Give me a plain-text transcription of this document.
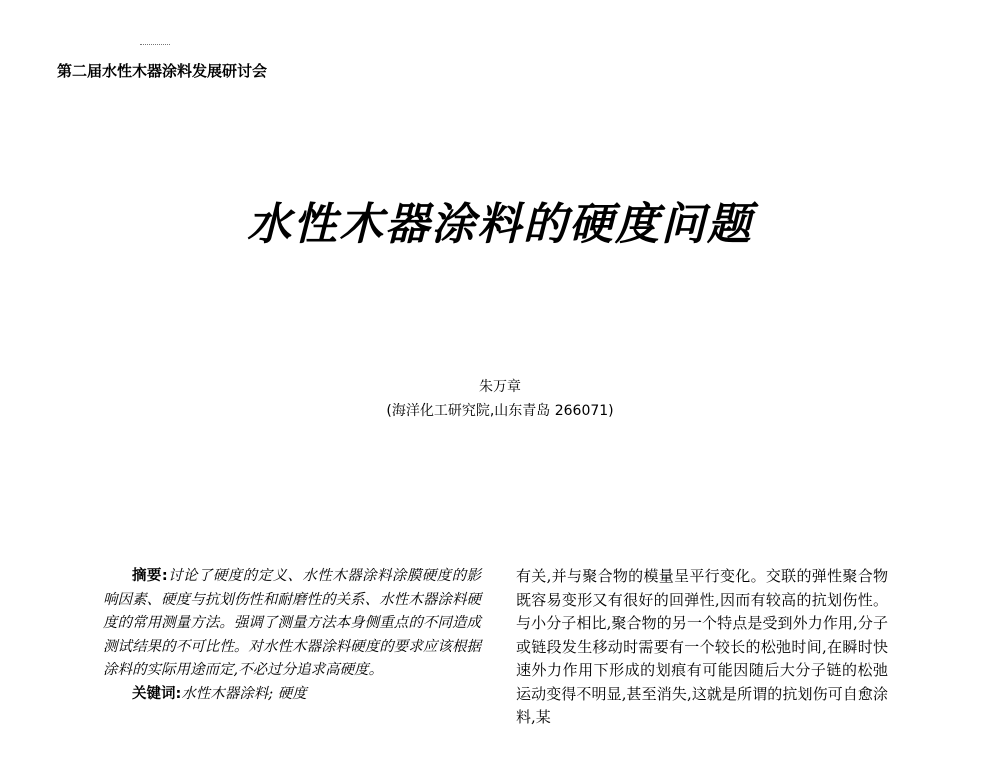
第二届水性木器涂料发展研讨会
水性木器涂料的硬度问题
朱万章
(海洋化工研究院,山东青岛 266071)

摘要:讨论了硬度的定义、水性木器涂料涂膜硬度的影响因素、硬度与抗划伤性和耐磨性的关系、水性木器涂料硬度的常用测量方法。强调了测量方法本身侧重点的不同造成测试结果的不可比性。对水性木器涂料硬度的要求应该根据涂料的实际用途而定,不必过分追求高硬度。

关键词:水性木器涂料; 硬度

有关,并与聚合物的模量呈平行变化。交联的弹性聚合物既容易变形又有很好的回弹性,因而有较高的抗划伤性。与小分子相比,聚合物的另一个特点是受到外力作用,分子或链段发生移动时需要有一个较长的松弛时间,在瞬时快速外力作用下形成的划痕有可能因随后大分子链的松弛运动变得不明显,甚至消失,这就是所谓的抗划伤可自愈涂料,某
